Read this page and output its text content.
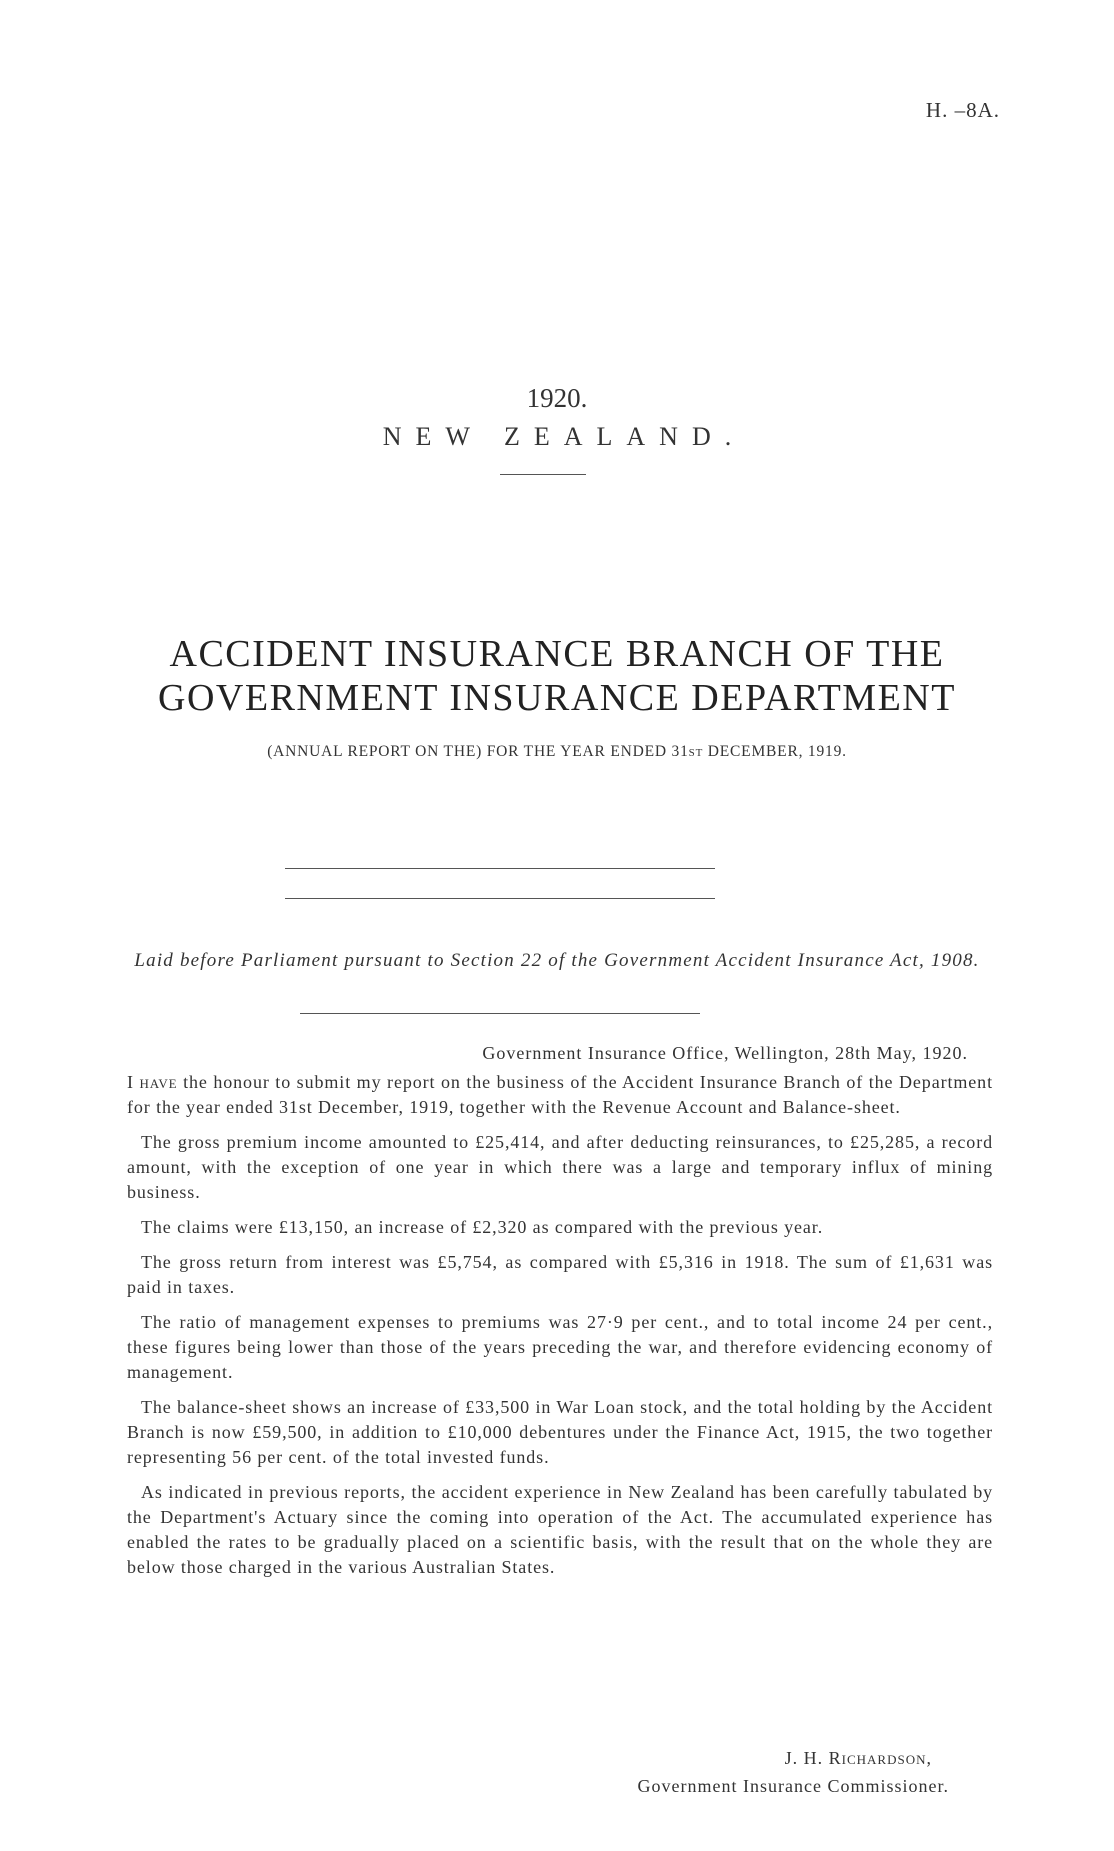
H. –8A.
1920.
NEW ZEALAND.
ACCIDENT INSURANCE BRANCH OF THE GOVERNMENT INSURANCE DEPARTMENT
(ANNUAL REPORT ON THE) FOR THE YEAR ENDED 31ST DECEMBER, 1919.
Laid before Parliament pursuant to Section 22 of the Government Accident Insurance Act, 1908.
Government Insurance Office, Wellington, 28th May, 1920.

I have the honour to submit my report on the business of the Accident Insurance Branch of the Department for the year ended 31st December, 1919, together with the Revenue Account and Balance-sheet.

The gross premium income amounted to £25,414, and after deducting reinsurances, to £25,285, a record amount, with the exception of one year in which there was a large and temporary influx of mining business.

The claims were £13,150, an increase of £2,320 as compared with the previous year.

The gross return from interest was £5,754, as compared with £5,316 in 1918. The sum of £1,631 was paid in taxes.

The ratio of management expenses to premiums was 27·9 per cent., and to total income 24 per cent., these figures being lower than those of the years preceding the war, and therefore evidencing economy of management.

The balance-sheet shows an increase of £33,500 in War Loan stock, and the total holding by the Accident Branch is now £59,500, in addition to £10,000 debentures under the Finance Act, 1915, the two together representing 56 per cent. of the total invested funds.

As indicated in previous reports, the accident experience in New Zealand has been carefully tabulated by the Department's Actuary since the coming into operation of the Act. The accumulated experience has enabled the rates to be gradually placed on a scientific basis, with the result that on the whole they are below those charged in the various Australian States.

J. H. Richardson,
Government Insurance Commissioner.
